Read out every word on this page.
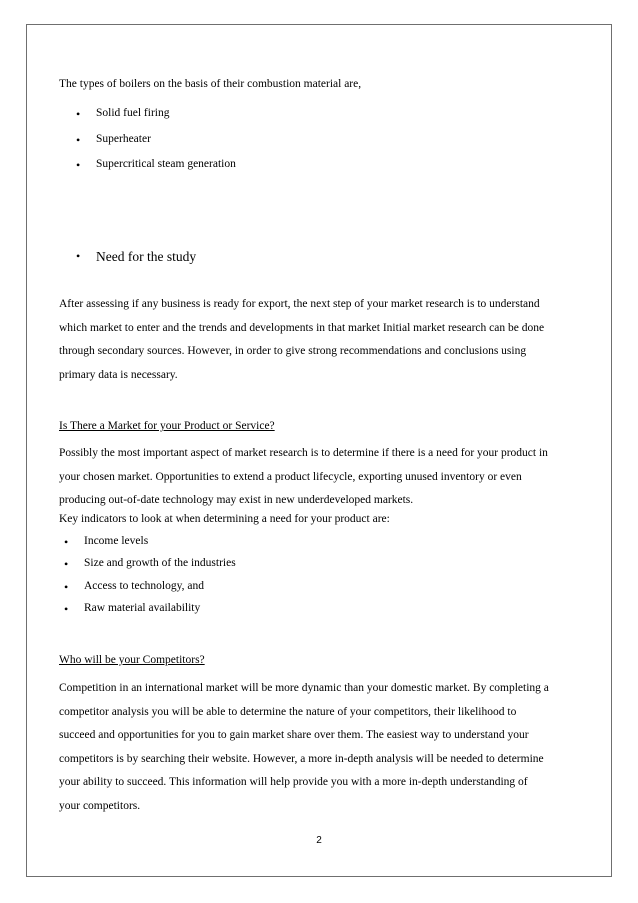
The types of boilers on the basis of their combustion material are,
• Solid fuel firing
• Superheater
• Supercritical steam generation
• Need for the study
After assessing if any business is ready for export, the next step of your market research is to understand
which market to enter and the trends and developments in that market Initial market research can be done
through secondary sources. However, in order to give strong recommendations and conclusions using
primary data is necessary.
Is There a Market for your Product or Service?
Possibly the most important aspect of market research is to determine if there is a need for your product in
your chosen market. Opportunities to extend a product lifecycle, exporting unused inventory or even
producing out-of-date technology may exist in new underdeveloped markets.
Key indicators to look at when determining a need for your product are:
• Income levels
• Size and growth of the industries
• Access to technology, and
• Raw material availability
Who will be your Competitors?
Competition in an international market will be more dynamic than your domestic market. By completing a
competitor analysis you will be able to determine the nature of your competitors, their likelihood to
succeed and opportunities for you to gain market share over them. The easiest way to understand your
competitors is by searching their website. However, a more in-depth analysis will be needed to determine
your ability to succeed. This information will help provide you with a more in-depth understanding of
your competitors.
2
